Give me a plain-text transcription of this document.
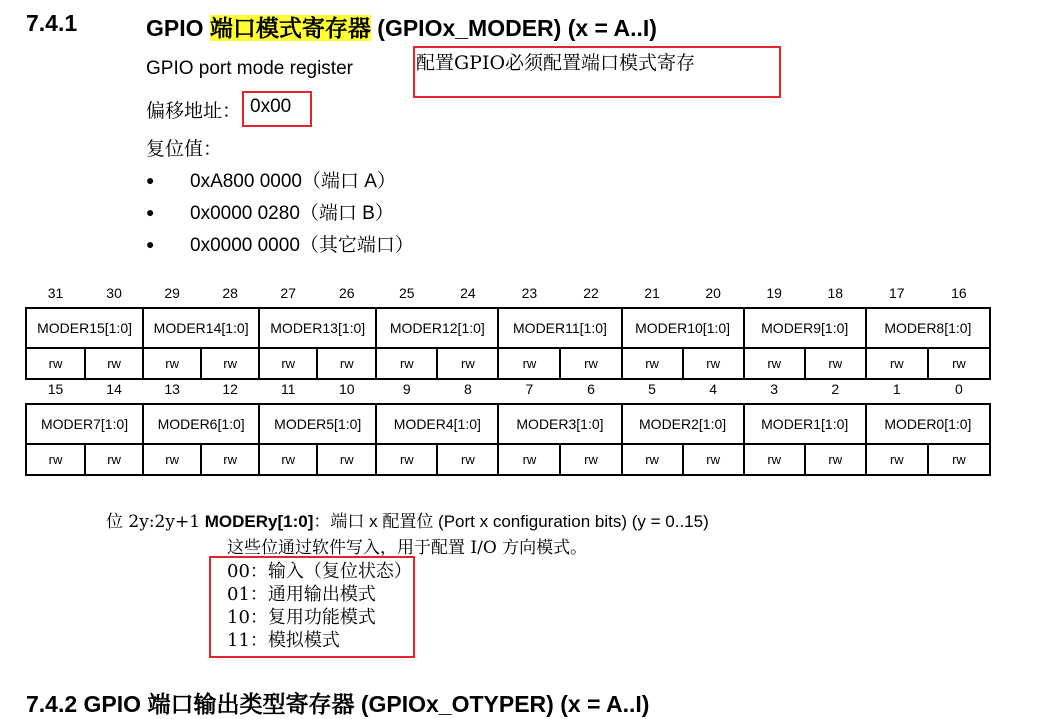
7.4.1	GPIO 端口模式寄存器 (GPIOx_MODER) (x = A..I)
GPIO port mode register
偏移地址： 0x00
配置GPIO必须配置端口模式寄存
复位值：
● 0xA800 0000（端口 A）
● 0x0000 0280（端口 B）
● 0x0000 0000（其它端口）
31	30	29	28	27	26	25	24	23	22	21	20	19	18	17	16
MODER15[1:0]		MODER14[1:0]		MODER13[1:0]		MODER12[1:0]		MODER11[1:0]		MODER10[1:0]		MODER9[1:0]		MODER8[1:0]	
rw	rw	rw	rw	rw	rw	rw	rw	rw	rw	rw	rw	rw	rw	rw	rw
15	14	13	12	11	10	9	8	7	6	5	4	3	2	1	0
MODER7[1:0]		MODER6[1:0]		MODER5[1:0]		MODER4[1:0]		MODER3[1:0]		MODER2[1:0]		MODER1[1:0]		MODER0[1:0]	
rw	rw	rw	rw	rw	rw	rw	rw	rw	rw	rw	rw	rw	rw	rw	rw
位 2y:2y+1 MODERy[1:0]：端口 x 配置位 (Port x configuration bits) (y = 0..15)
这些位通过软件写入，用于配置 I/O 方向模式。
00：输入（复位状态）
01：通用输出模式
10：复用功能模式
11：模拟模式
7.4.2 GPIO 端口输出类型寄存器 (GPIOx_OTYPER) (x = A..I)
